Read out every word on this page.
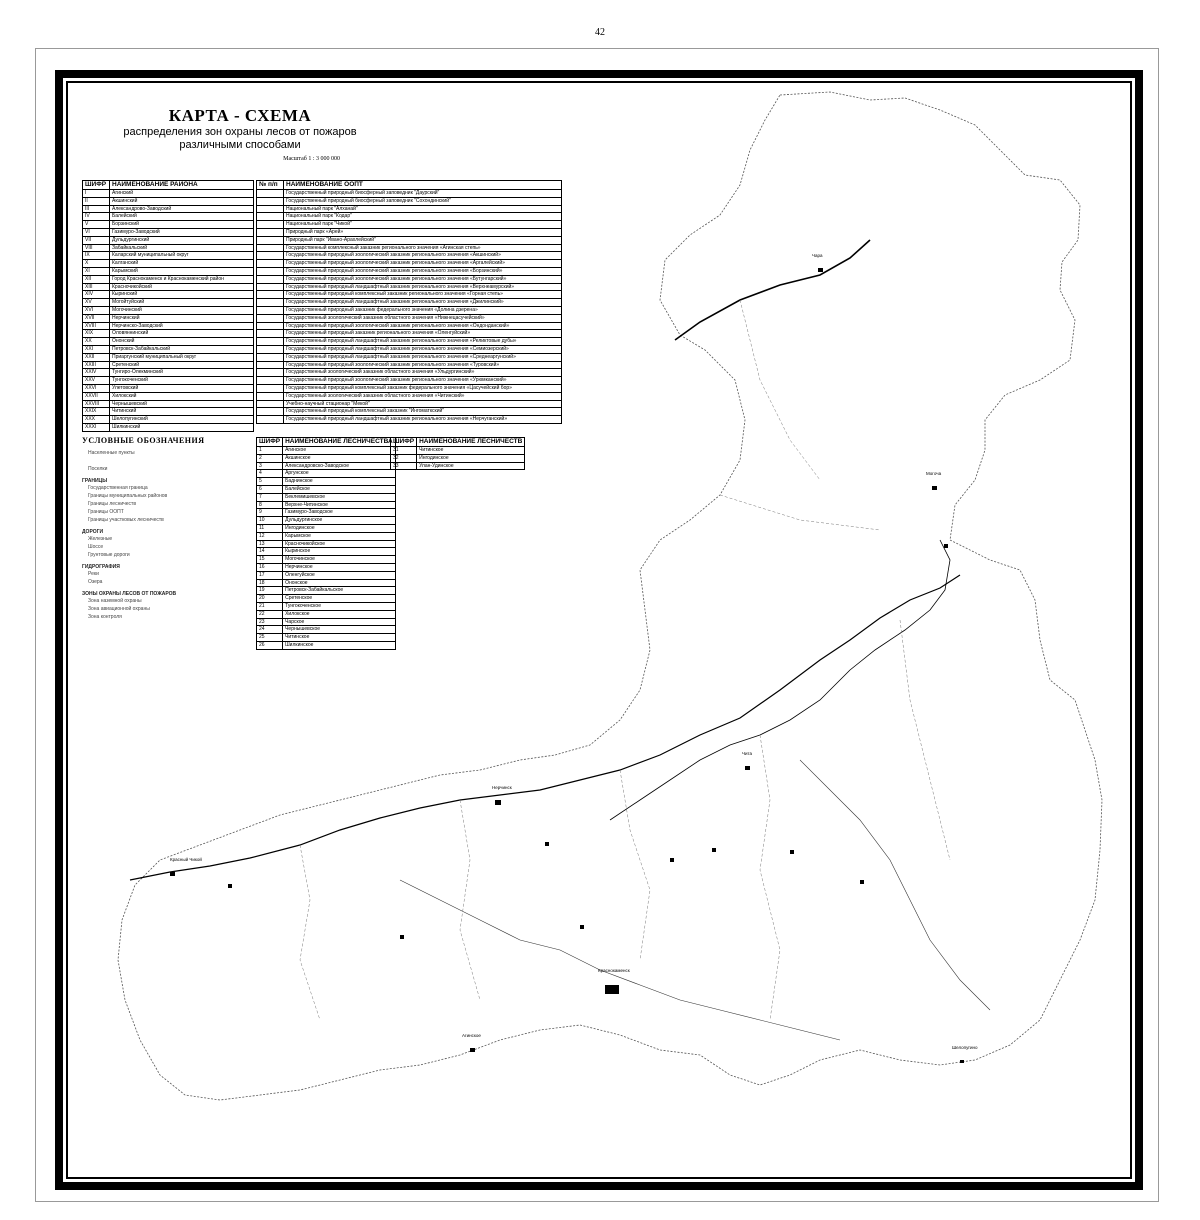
42
КАРТА - СХЕМА
распределения зон охраны лесов от пожаров
различными способами
Масштаб 1 : 3 000 000
ШИФР	НАИМЕНОВАНИЕ РАЙОНА
I	Агинский
II	Акшинский
III	Александрово-Заводский
IV	Балейский
V	Борзинский
VI	Газимуро-Заводский
VII	Дульдургинский
VIII	Забайкальский
IX	Каларский муниципальный округ
X	Калганский
XI	Карымский
XII	Город Краснокаменск и Краснокаменский район
XIII	Красночикойский
XIV	Кыринский
XV	Могойтуйский
XVI	Могочинский
XVII	Нерчинский
XVIII	Нерчинско-Заводский
XIX	Оловяннинский
XX	Ононский
XXI	Петровск-Забайкальский
XXII	Приаргунский муниципальный округ
XXIII	Сретенский
XXIV	Тунгиро-Олекминский
XXV	Тунгокоченский
XXVI	Улетовский
XXVII	Хилокский
XXVIII	Чернышевский
XXIX	Читинский
XXX	Шелопугинский
XXXI	Шилкинский
№ п/п	НАИМЕНОВАНИЕ ООПТ
	Государственный природный биосферный заповедник "Даурский"
	Государственный природный биосферный заповедник "Сохондинский"
	Национальный парк "Алханай"
	Национальный парк "Кодар"
	Национальный парк "Чикой"
	Природный парк «Арей»
	Природный парк "Ивано-Арахлейский"
	Государственный комплексный заказник регионального значения «Агинская степь»
	Государственный природный зоологический заказник регионального значения «Акшинский»
	Государственный природный зоологический заказник регионального значения «Аргалейский»
	Государственный природный зоологический заказник регионального значения «Борзинский»
	Государственный природный зоологический заказник регионального значения «Бутунгарский»
	Государственный природный ландшафтный заказник регионального значения «Верхнеамурский»
	Государственный природный комплексный заказник регионального значения «Горная степь»
	Государственный природный ландшафтный заказник регионального значения «Джилинский»
	Государственный природный заказник федерального значения «Долина дзерена»
	Государственный зоологический заказник областного значения «Нижнецасучейский»
	Государственный природный зоологический заказник регионального значения «Ондонданский»
	Государственный природный заказник регионального значения «Оленгуйский»
	Государственный природный ландшафтный заказник регионального значения «Реликтовые дубы»
	Государственный природный ландшафтный заказник регионального значения «Семиозерский»
	Государственный природный ландшафтный заказник регионального значения «Среднеаргунский»
	Государственный природный зоологический заказник регионального значения «Туровский»
	Государственный зоологический заказник областного значения «Ульдургинский»
	Государственный природный зоологический заказник регионального значения «Урюмканский»
	Государственный природный комплексный заказник федерального значения «Цасучейский бор»
	Государственный зоологический заказник областного значения «Читинский»
	Учебно-научный стационар "Мекой"
	Государственный природный комплексный заказник "Ингоматкский"
	Государственный природный ландшафтный заказник регионального значения «Нерчуганский»
ШИФР	НАИМЕНОВАНИЕ ЛЕСНИЧЕСТВА
1	Агинское
2	Акшинское
3	Александровско-Заводское
4	Аргунское
5	Баднинское
6	Балейское
7	Беклемишевское
8	Верхне-Читинское
9	Газимуро-Заводское
10	Дульдургинское
11	Ингодинское
12	Карымское
13	Красночикойское
14	Кыринское
15	Могочинское
16	Нерчинское
17	Оленгуйское
18	Ононское
19	Петровск-Забайкальское
20	Сретенское
21	Тунгокоченское
22	Хилокское
23	Чарское
24	Чернышевское
25	Читинское
26	Шилкинское
ШИФР	НАИМЕНОВАНИЕ ЛЕСНИЧЕСТВ
31	Читинское
32	Ингодинское
33	Улан-Удинское
УСЛОВНЫЕ ОБОЗНАЧЕНИЯ
Населенные пункты

Поселки
ГРАНИЦЫ
Государственная граница
Границы муниципальных районов
Границы лесничеств
Границы ООПТ
Границы участковых лесничеств
ДОРОГИ
Железные
Шоссе
Грунтовые дороги
ГИДРОГРАФИЯ
Реки
Озера
ЗОНЫ ОХРАНЫ ЛЕСОВ ОТ ПОЖАРОВ
Зона наземной охраны
Зона авиационной охраны
Зона контроля
Чара
Могоча
Чита
Нерчинск
Краснокаменск
Красный Чикой
Агинское
Шелопугино
